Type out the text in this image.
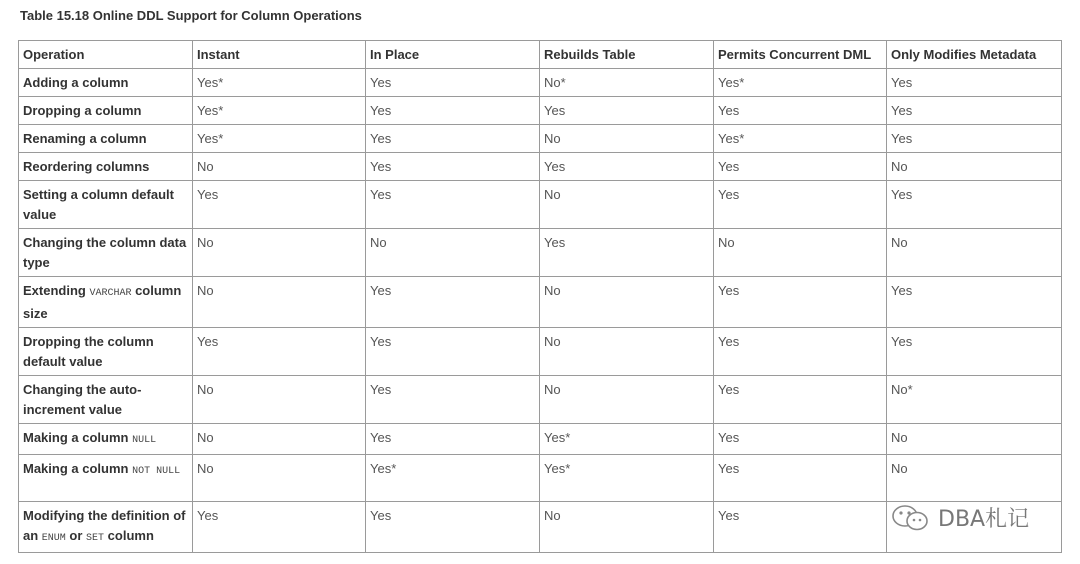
Table 15.18 Online DDL Support for Column Operations
Operation	Instant	In Place	Rebuilds Table	Permits Concurrent DML	Only Modifies Metadata
Adding a column	Yes*	Yes	No*	Yes*	Yes
Dropping a column	Yes*	Yes	Yes	Yes	Yes
Renaming a column	Yes*	Yes	No	Yes*	Yes
Reordering columns	No	Yes	Yes	Yes	No
Setting a column default value	Yes	Yes	No	Yes	Yes
Changing the column data type	No	No	Yes	No	No
Extending VARCHAR column size	No	Yes	No	Yes	Yes
Dropping the column default value	Yes	Yes	No	Yes	Yes
Changing the auto-increment value	No	Yes	No	Yes	No*
Making a column NULL	No	Yes	Yes*	Yes	No
Making a column NOT NULL	No	Yes*	Yes*	Yes	No
Modifying the definition of an ENUM or SET column	Yes	Yes	No	Yes		DBA札记
